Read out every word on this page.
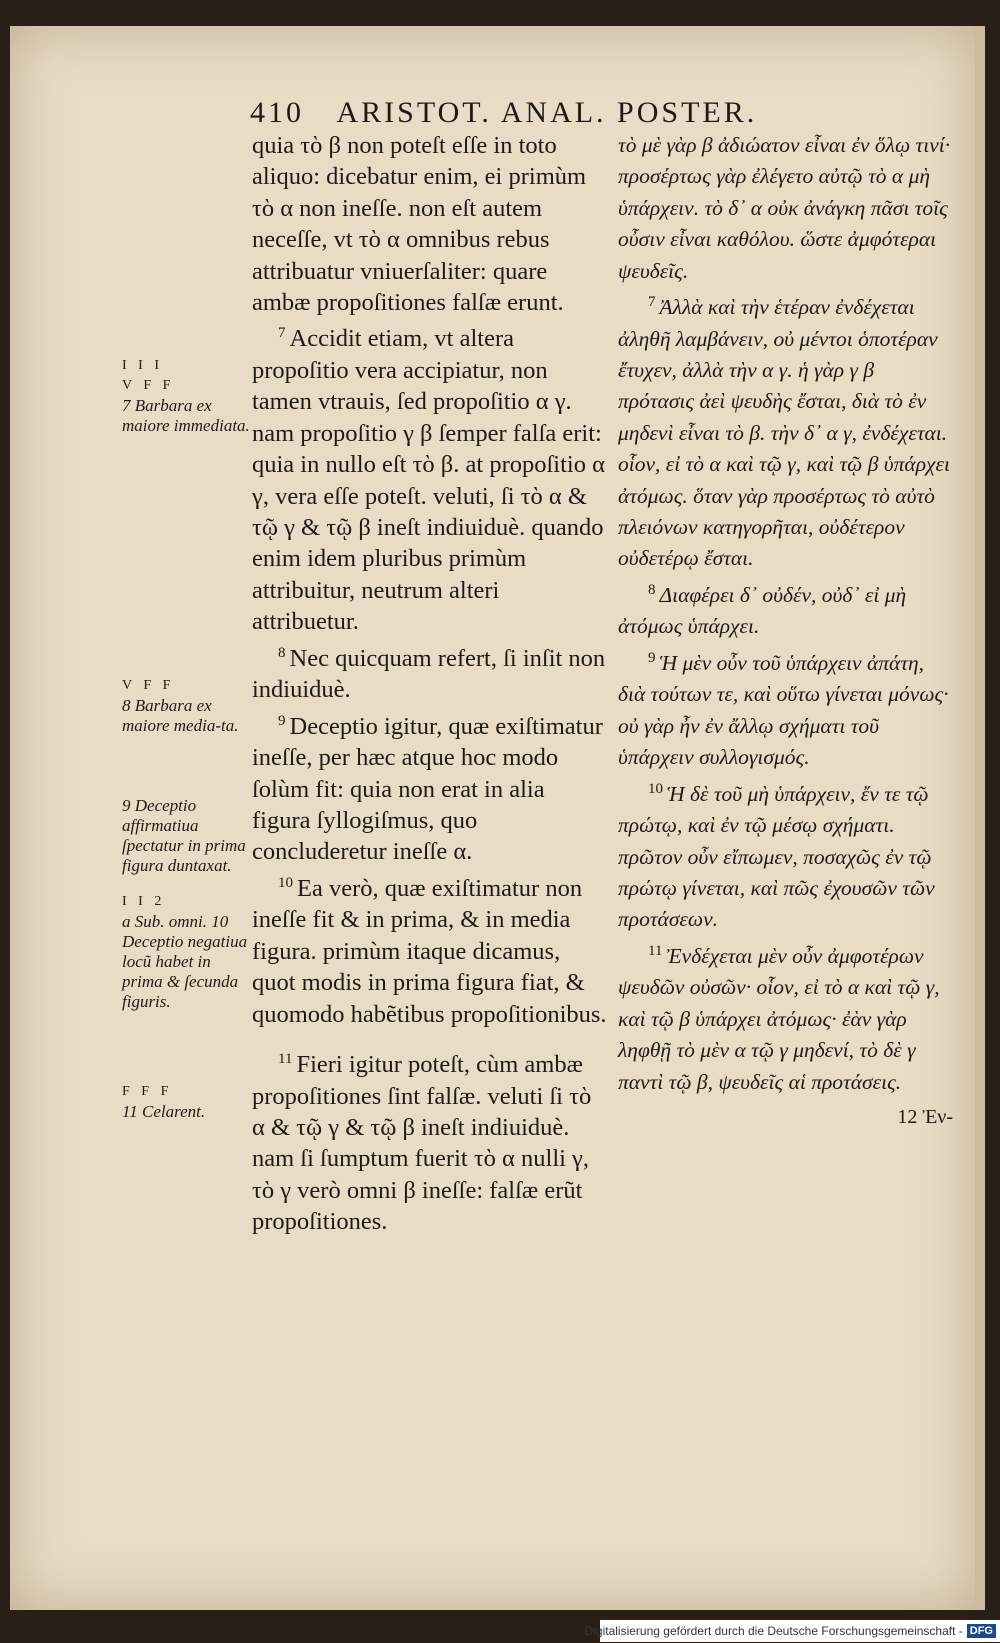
410 ARISTOT. ANAL. POSTER.
I I I
V F F
7 Barbara ex maiore immediata.
V F F
8 Barbara ex maiore media-ta.
9 Deceptio affirmatiua ſpectatur in prima figura duntaxat.
I I 2
a Sub. omni. 10 Deceptio negatiua locũ habet in prima & ſecunda figuris.
F F F
11 Celarent.

quia τὸ β non poteſt eſſe in toto aliquo: dicebatur enim, ei primùm τὸ α non ineſſe. non eſt autem neceſſe, vt τὸ α omnibus rebus attribuatur vniuerſaliter: quare ambæ propoſitiones falſæ erunt.

$^7$ Accidit etiam, vt altera propoſitio vera accipiatur, non tamen vtrauis, ſed propoſitio α γ. nam propoſitio γ β ſemper falſa erit: quia in nullo eſt τὸ β. at propoſitio α γ, vera eſſe poteſt. veluti, ſi τὸ α & τῷ γ & τῷ β ineſt indiuiduè. quando enim idem pluribus primùm attribuitur, neutrum alteri attribuetur.

$^8$ Nec quicquam refert, ſi inſit non indiuiduè.

$^9$ Deceptio igitur, quæ exiſtimatur ineſſe, per hæc atque hoc modo ſolùm fit: quia non erat in alia figura ſyllogiſmus, quo concluderetur ineſſe α.

$^{10}$ Ea verò, quæ exiſtimatur non ineſſe fit & in prima, & in media figura. primùm itaque dicamus, quot modis in prima figura fiat, & quomodo habẽtibus propoſitionibus.

$^{11}$ Fieri igitur poteſt, cùm ambæ propoſitiones ſint falſæ. veluti ſi τὸ α & τῷ γ & τῷ β ineſt indiuiduè. nam ſi ſumptum fuerit τὸ α nulli γ, τὸ γ verò omni β ineſſe: falſæ erũt propoſitiones.

τὸ μὲ γὰρ β ἀδιώατον εἶναι ἐν ὅλῳ τινί· προσέρτως γὰρ ἐλέγετο αὐτῷ τὸ α μὴ ὑπάρχειν. τὸ δ᾽ α οὐκ ἀνάγκη πᾶσι τοῖς οὖσιν εἶναι καθόλου. ὥστε ἀμφότεραι ψευδεῖς.

$^7$ Ἀλλὰ καὶ τὴν ἑτέραν ἐνδέχεται ἀληθῆ λαμβάνειν, οὐ μέντοι ὁποτέραν ἔτυχεν, ἀλλὰ τὴν α γ. ἡ γὰρ γ β πρότασις ἀεὶ ψευδὴς ἔσται, διὰ τὸ ἐν μηδενὶ εἶναι τὸ β. τὴν δ᾽ α γ, ἐνδέχεται. οἷον, εἰ τὸ α καὶ τῷ γ, καὶ τῷ β ὑπάρχει ἀτόμως. ὅταν γὰρ προσέρτως τὸ αὐτὸ πλειόνων κατηγορῆται, οὐδέτερον οὐδετέρῳ ἔσται.

$^8$ Διαφέρει δ᾽ οὐδέν, οὐδ᾽ εἰ μὴ ἀτόμως ὑπάρχει.

$^9$ Ἡ μὲν οὖν τοῦ ὑπάρχειν ἀπάτη, διὰ τούτων τε, καὶ οὕτω γίνεται μόνως· οὐ γὰρ ἦν ἐν ἄλλῳ σχήματι τοῦ ὑπάρχειν συλλογισμός.

$^{10}$ Ἡ δὲ τοῦ μὴ ὑπάρχειν, ἔν τε τῷ πρώτῳ, καὶ ἐν τῷ μέσῳ σχήματι. πρῶτον οὖν εἴπωμεν, ποσαχῶς ἐν τῷ πρώτῳ γίνεται, καὶ πῶς ἐχουσῶν τῶν προτάσεων.

$^{11}$ Ἐνδέχεται μὲν οὖν ἀμφοτέρων ψευδῶν οὐσῶν· οἷον, εἰ τὸ α καὶ τῷ γ, καὶ τῷ β ὑπάρχει ἀτόμως· ἐὰν γὰρ ληφθῇ τὸ μὲν α τῷ γ μηδενί, τὸ δὲ γ παντὶ τῷ β, ψευδεῖς αἱ προτάσεις.

12 Ἐν-

Digitalisierung gefördert durch die Deutsche Forschungsgemeinschaft - DFG
